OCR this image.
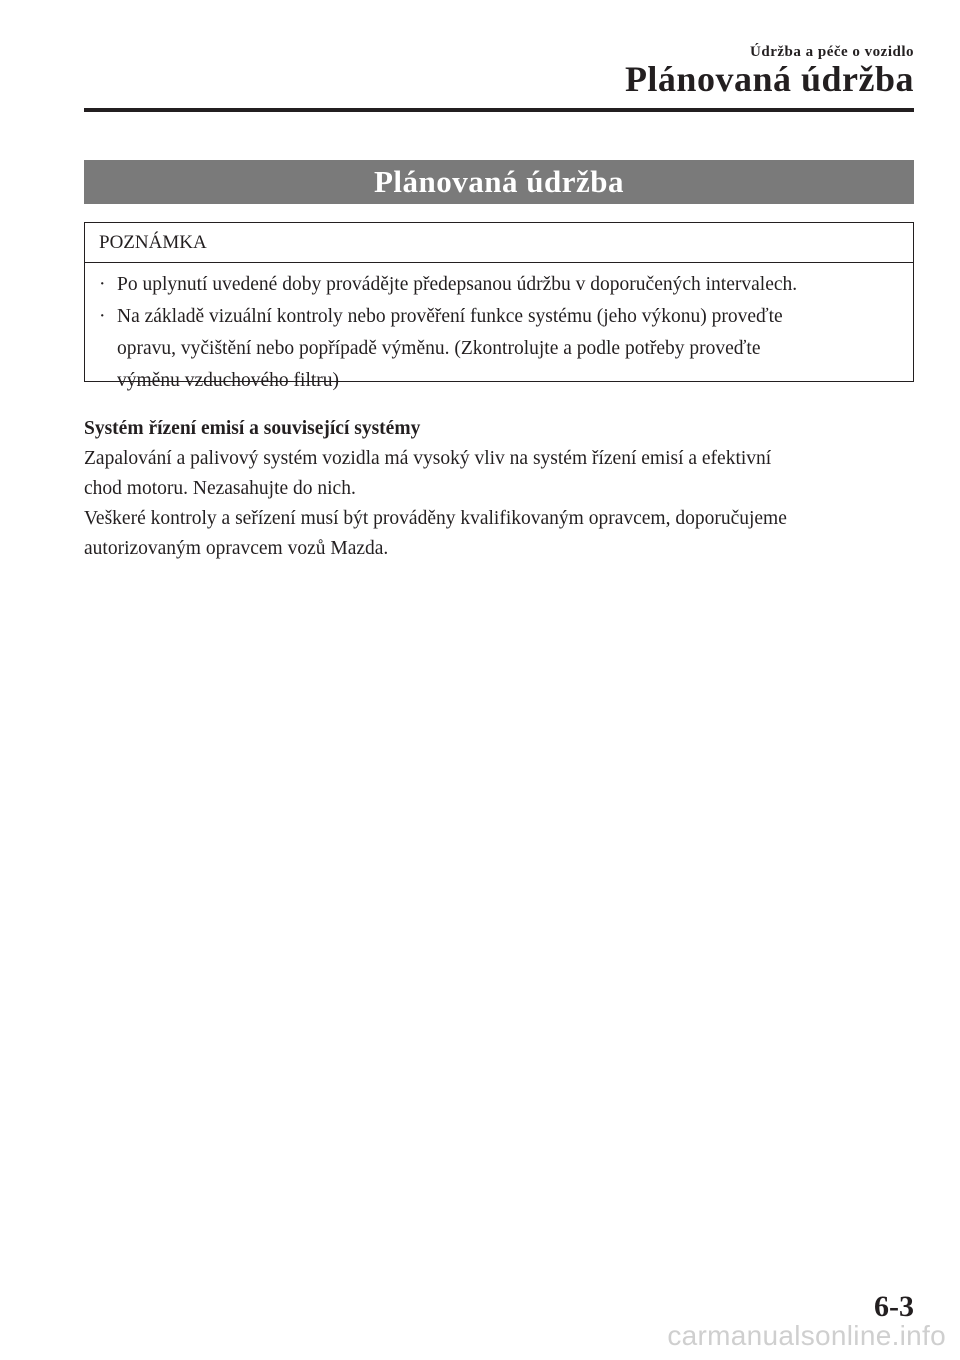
Údržba a péče o vozidlo
Plánovaná údržba
Plánovaná údržba
POZNÁMKA
· Po uplynutí uvedené doby provádějte předepsanou údržbu v doporučených intervalech.
· Na základě vizuální kontroly nebo prověření funkce systému (jeho výkonu) proveďte
opravu, vyčištění nebo popřípadě výměnu. (Zkontrolujte a podle potřeby proveďte
výměnu vzduchového filtru)
Systém řízení emisí a související systémy

Zapalování a palivový systém vozidla má vysoký vliv na systém řízení emisí a efektivní

chod motoru. Nezasahujte do nich.

Veškeré kontroly a seřízení musí být prováděny kvalifikovaným opravcem, doporučujeme

autorizovaným opravcem vozů Mazda.

6-3
carmanualsonline.info
